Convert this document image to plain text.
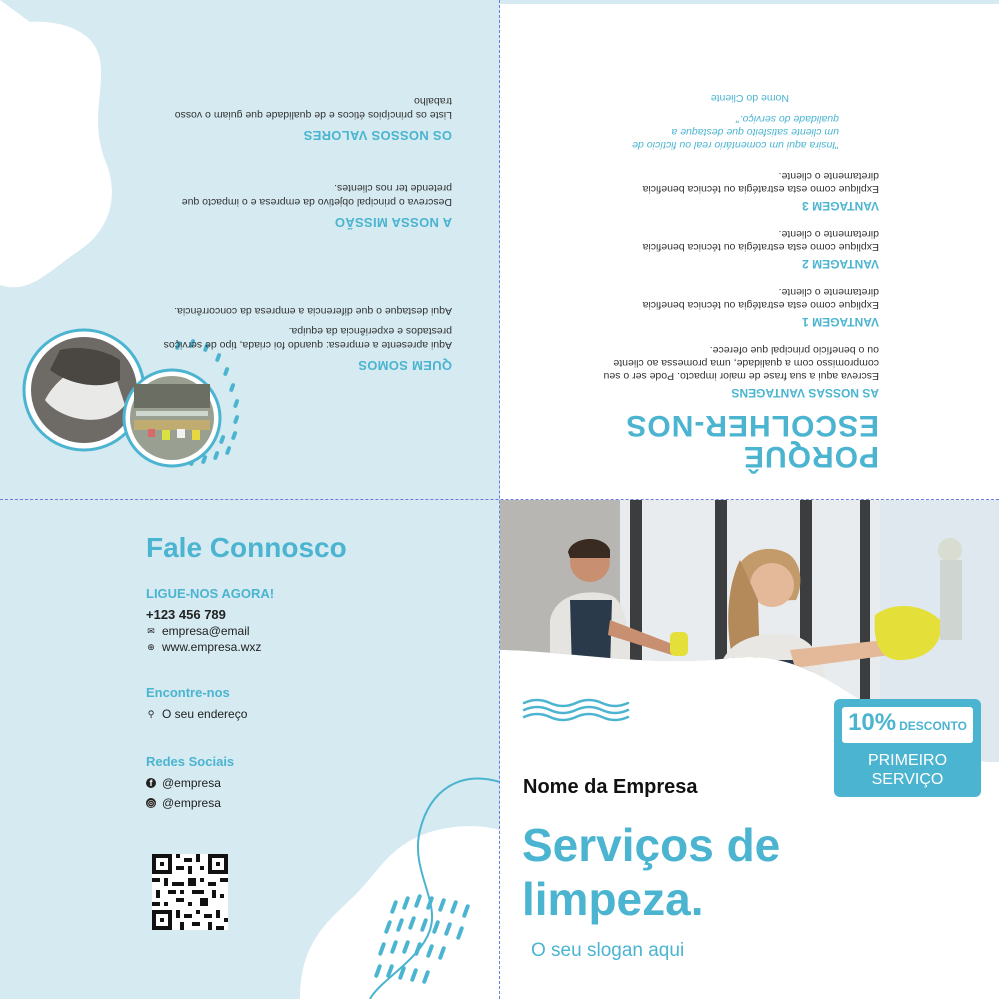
QUEM SOMOS

Aqui apresente a empresa: quando foi criada, tipo de serviços prestados e experiência da equipa.

Aqui destaque o que diferencia a empresa da concorrência.

A NOSSA MISSÃO

Descreva o principal objetivo da empresa e o impacto que pretende ter nos clientes.

OS NOSSOS VALORES

Liste os princípios éticos e de qualidade que guiam o vosso trabalho

PORQUÊ
ESCOLHER-NOS
AS NOSSAS VANTAGENS
Escreva aqui a sua frase de maior impacto. Pode ser o seu compromisso com a qualidade, uma promessa ao cliente ou o benefício principal que oferece.
VANTAGEM 1
Explique como esta estratégia ou técnica beneficia diretamente o cliente.
VANTAGEM 2
Explique como esta estratégia ou técnica beneficia diretamente o cliente.
VANTAGEM 3
Explique como esta estratégia ou técnica beneficia diretamente o cliente.
"Insira aqui um comentário real ou fictício de um cliente satisfeito que destaque a qualidade do serviço."
Nome do Cliente
Fale Connosco
LIGUE-NOS AGORA!
+123 456 789
✉ empresa@email
⊕ www.empresa.wxz
Encontre-nos
⚲ O seu endereço
Redes Sociais
f @empresa
◎ @empresa
10% DESCONTO
PRIMEIRO
SERVIÇO
Nome da Empresa
Serviços de
limpeza.
O seu slogan aqui
